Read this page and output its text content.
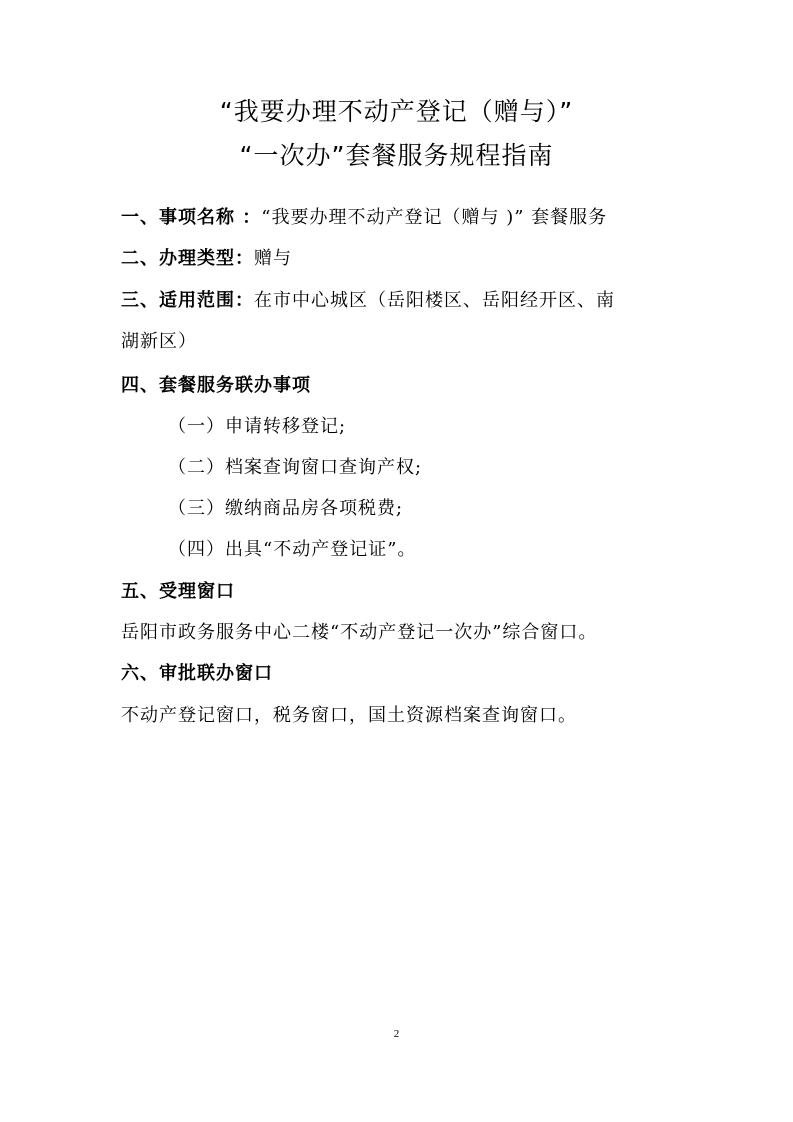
“我要办理不动产登记（赠与）”
“一次办”套餐服务规程指南
一、事项名称 ：“我要办理不动产登记（赠与 )” 套餐服务
二、办理类型：赠与
三、适用范围：在市中心城区（岳阳楼区、岳阳经开区、南
湖新区）
四、套餐服务联办事项
（一）申请转移登记;
（二）档案查询窗口查询产权;
（三）缴纳商品房各项税费;
（四）出具“不动产登记证”。
五、受理窗口
岳阳市政务服务中心二楼“不动产登记一次办”综合窗口。
六、审批联办窗口
不动产登记窗口，税务窗口，国土资源档案查询窗口。
2
